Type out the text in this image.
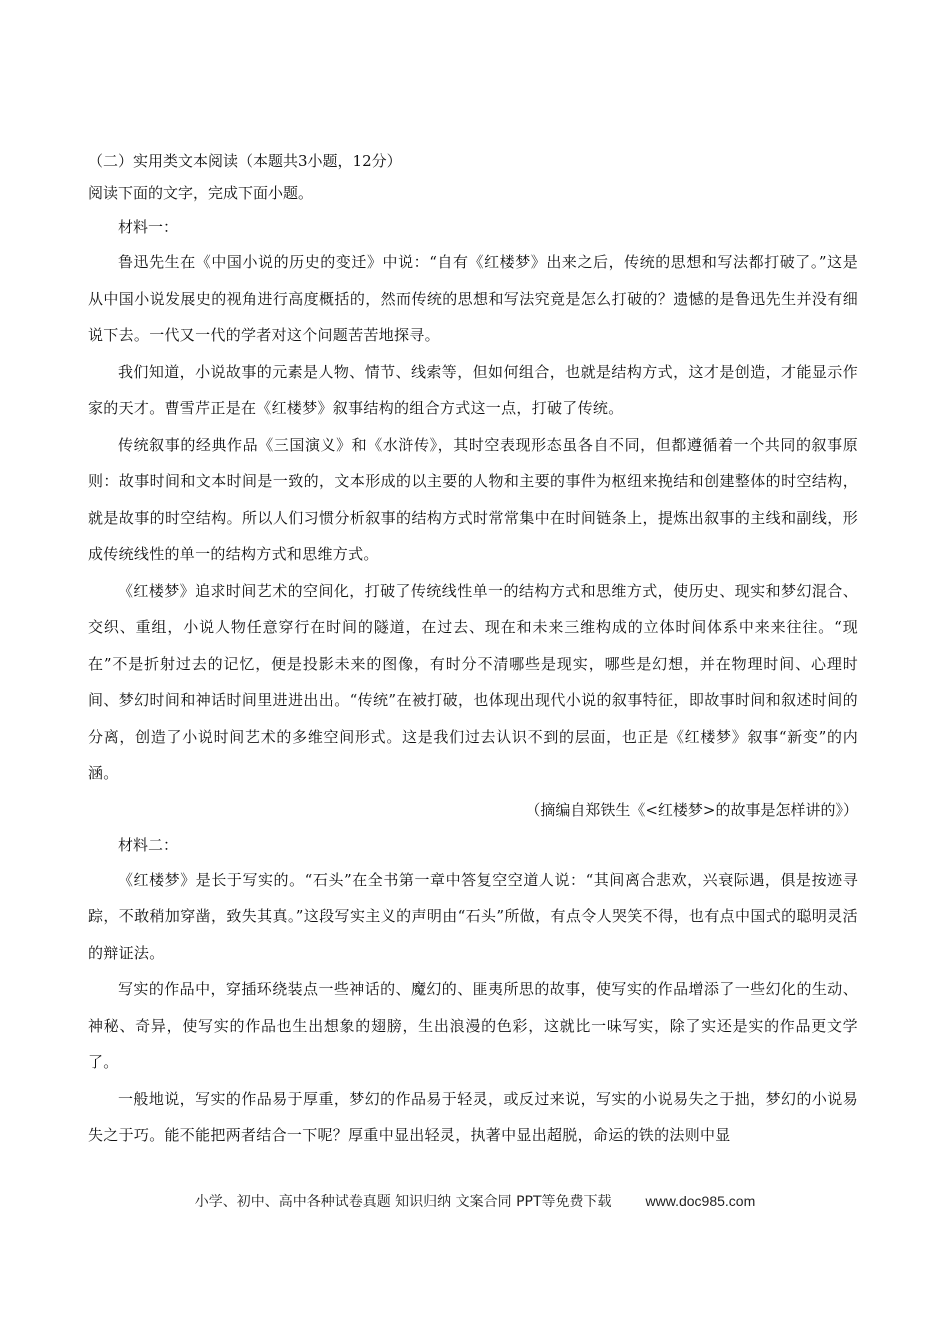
（二）实用类文本阅读（本题共3小题，12分）

阅读下面的文字，完成下面小题。

材料一：

鲁迅先生在《中国小说的历史的变迁》中说：“自有《红楼梦》出来之后，传统的思想和写法都打破了。”这是从中国小说发展史的视角进行高度概括的，然而传统的思想和写法究竟是怎么打破的？遗憾的是鲁迅先生并没有细说下去。一代又一代的学者对这个问题苦苦地探寻。

我们知道，小说故事的元素是人物、情节、线索等，但如何组合，也就是结构方式，这才是创造，才能显示作家的天才。曹雪芹正是在《红楼梦》叙事结构的组合方式这一点，打破了传统。

传统叙事的经典作品《三国演义》和《水浒传》，其时空表现形态虽各自不同，但都遵循着一个共同的叙事原则：故事时间和文本时间是一致的，文本形成的以主要的人物和主要的事件为枢纽来挽结和创建整体的时空结构，就是故事的时空结构。所以人们习惯分析叙事的结构方式时常常集中在时间链条上，提炼出叙事的主线和副线，形成传统线性的单一的结构方式和思维方式。

《红楼梦》追求时间艺术的空间化，打破了传统线性单一的结构方式和思维方式，使历史、现实和梦幻混合、交织、重组，小说人物任意穿行在时间的隧道，在过去、现在和未来三维构成的立体时间体系中来来往往。“现在”不是折射过去的记忆，便是投影未来的图像，有时分不清哪些是现实，哪些是幻想，并在物理时间、心理时间、梦幻时间和神话时间里进进出出。“传统”在被打破，也体现出现代小说的叙事特征，即故事时间和叙述时间的分离，创造了小说时间艺术的多维空间形式。这是我们过去认识不到的层面，也正是《红楼梦》叙事“新变”的内涵。

（摘编自郑铁生《<红楼梦>的故事是怎样讲的》）

材料二：

《红楼梦》是长于写实的。“石头”在全书第一章中答复空空道人说：“其间离合悲欢，兴衰际遇，俱是按迹寻踪，不敢稍加穿凿，致失其真。”这段写实主义的声明由“石头”所做，有点令人哭笑不得，也有点中国式的聪明灵活的辩证法。

写实的作品中，穿插环绕装点一些神话的、魔幻的、匪夷所思的故事，使写实的作品增添了一些幻化的生动、神秘、奇异，使写实的作品也生出想象的翅膀，生出浪漫的色彩，这就比一味写实，除了实还是实的作品更文学了。

一般地说，写实的作品易于厚重，梦幻的作品易于轻灵，或反过来说，写实的小说易失之于拙，梦幻的小说易失之于巧。能不能把两者结合一下呢？厚重中显出轻灵，执著中显出超脱，命运的铁的法则中显

小学、初中、高中各种试卷真题 知识归纳 文案合同 PPT等免费下载 www.doc985.com
